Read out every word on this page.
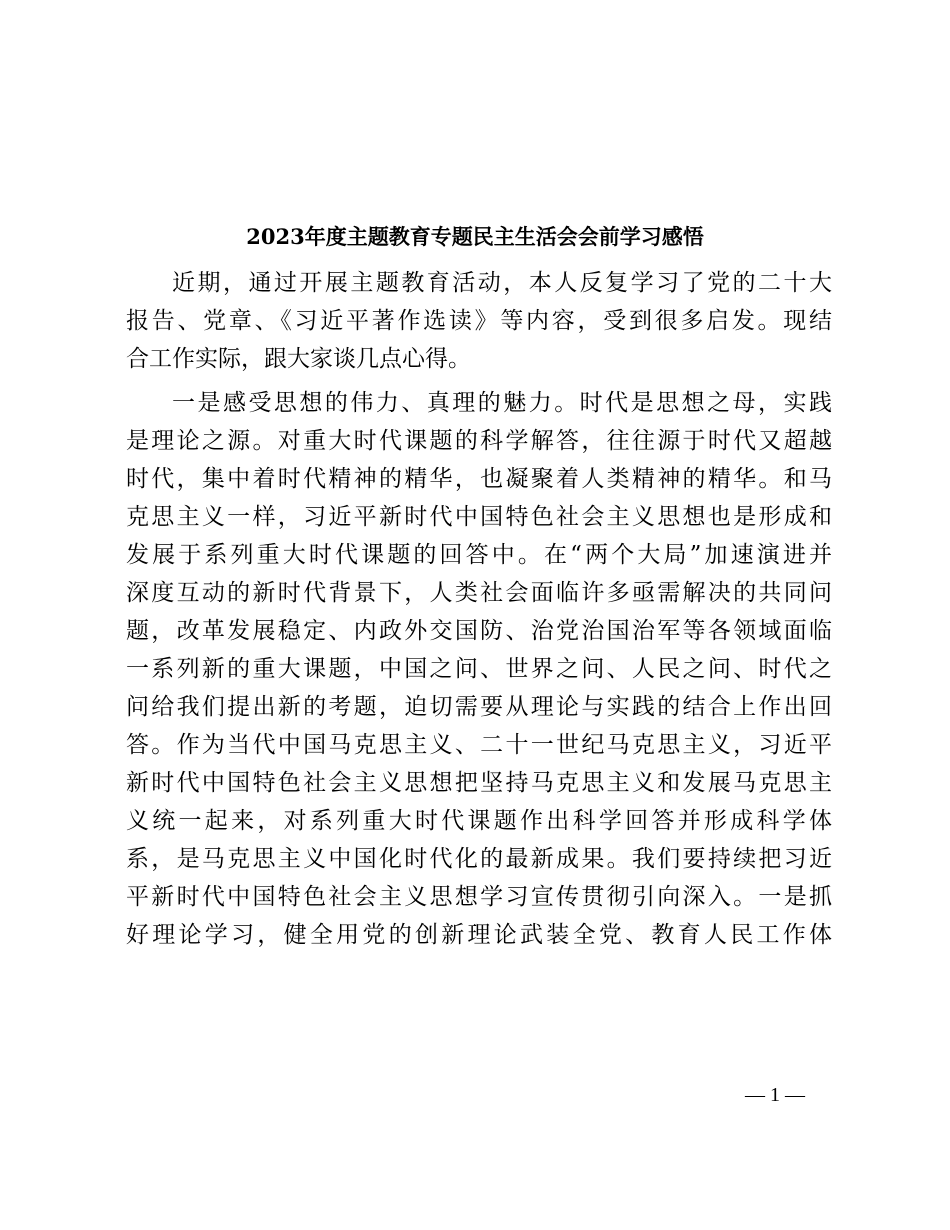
2023年度主题教育专题民主生活会会前学习感悟
近期，通过开展主题教育活动，本人反复学习了党的二十大
报告、党章、《习近平著作选读》等内容，受到很多启发。现结
合工作实际，跟大家谈几点心得。
一是感受思想的伟力、真理的魅力。时代是思想之母，实践
是理论之源。对重大时代课题的科学解答，往往源于时代又超越
时代，集中着时代精神的精华，也凝聚着人类精神的精华。和马
克思主义一样，习近平新时代中国特色社会主义思想也是形成和
发展于系列重大时代课题的回答中。在“两个大局”加速演进并
深度互动的新时代背景下，人类社会面临许多亟需解决的共同问
题，改革发展稳定、内政外交国防、治党治国治军等各领域面临
一系列新的重大课题，中国之问、世界之问、人民之问、时代之
问给我们提出新的考题，迫切需要从理论与实践的结合上作出回
答。作为当代中国马克思主义、二十一世纪马克思主义，习近平
新时代中国特色社会主义思想把坚持马克思主义和发展马克思主
义统一起来，对系列重大时代课题作出科学回答并形成科学体
系，是马克思主义中国化时代化的最新成果。我们要持续把习近
平新时代中国特色社会主义思想学习宣传贯彻引向深入。一是抓
好理论学习，健全用党的创新理论武装全党、教育人民工作体
— 1 —
